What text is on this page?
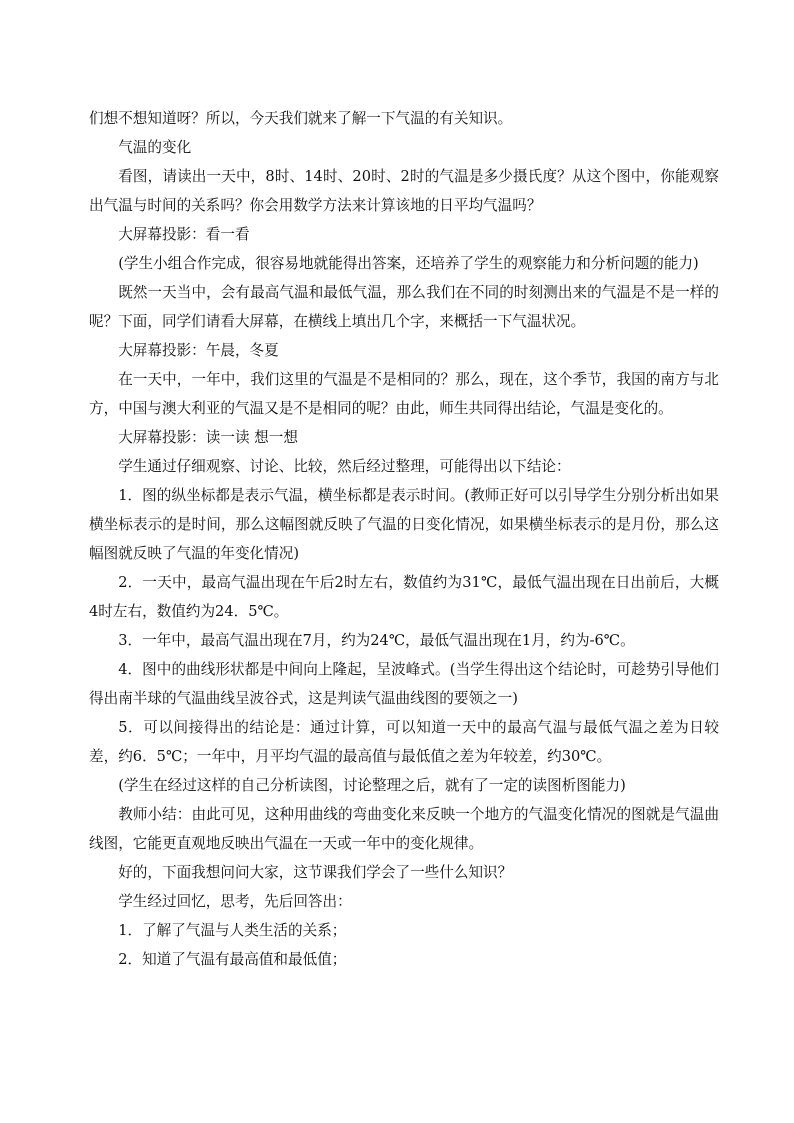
们想不想知道呀？所以，今天我们就来了解一下气温的有关知识。

气温的变化

看图，请读出一天中，8时、14时、20时、2时的气温是多少摄氏度？从这个图中，你能观察出气温与时间的关系吗？你会用数学方法来计算该地的日平均气温吗？

大屏幕投影：看一看

(学生小组合作完成，很容易地就能得出答案，还培养了学生的观察能力和分析问题的能力)

既然一天当中，会有最高气温和最低气温，那么我们在不同的时刻测出来的气温是不是一样的呢？下面，同学们请看大屏幕，在横线上填出几个字，来概括一下气温状况。

大屏幕投影：午晨，冬夏

在一天中，一年中，我们这里的气温是不是相同的？那么，现在，这个季节，我国的南方与北方，中国与澳大利亚的气温又是不是相同的呢？由此，师生共同得出结论，气温是变化的。

大屏幕投影：读一读 想一想

学生通过仔细观察、讨论、比较，然后经过整理，可能得出以下结论：

1．图的纵坐标都是表示气温，横坐标都是表示时间。(教师正好可以引导学生分别分析出如果横坐标表示的是时间，那么这幅图就反映了气温的日变化情况，如果横坐标表示的是月份，那么这幅图就反映了气温的年变化情况)

2．一天中，最高气温出现在午后2时左右，数值约为31℃，最低气温出现在日出前后，大概4时左右，数值约为24．5℃。

3．一年中，最高气温出现在7月，约为24℃，最低气温出现在1月，约为-6℃。

4．图中的曲线形状都是中间向上隆起，呈波峰式。(当学生得出这个结论时，可趁势引导他们得出南半球的气温曲线呈波谷式，这是判读气温曲线图的要领之一)

5．可以间接得出的结论是：通过计算，可以知道一天中的最高气温与最低气温之差为日较差，约6．5℃；一年中，月平均气温的最高值与最低值之差为年较差，约30℃。

(学生在经过这样的自己分析读图，讨论整理之后，就有了一定的读图析图能力)

教师小结：由此可见，这种用曲线的弯曲变化来反映一个地方的气温变化情况的图就是气温曲线图，它能更直观地反映出气温在一天或一年中的变化规律。

好的，下面我想问问大家，这节课我们学会了一些什么知识？

学生经过回忆，思考，先后回答出：

1．了解了气温与人类生活的关系；

2．知道了气温有最高值和最低值；
